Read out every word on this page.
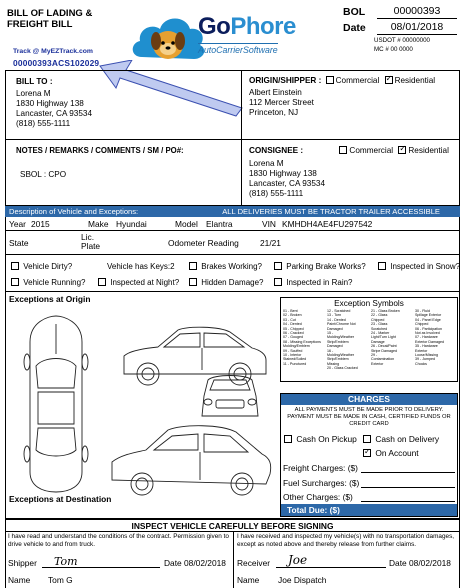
BILL OF LADING &
FREIGHT BILL
Track @ MyEZTrack.com
00000393ACS102029
GoPhore
AutoCarrierSoftware
BOL	00000393
Date	08/01/2018
USDOT # 00000000
MC # 00 0000
BILL TO :
Lorena M
1830 Highway 138
Lancaster, CA 93534
(818) 555-1111
ORIGIN/SHIPPER : Commercial ✓ Residential
Albert Einstein
112 Mercer Street
Princeton, NJ
NOTES / REMARKS / COMMENTS / SM / PO#:
SBOL : CPO
CONSIGNEE :	Commercial ✓ Residential
Lorena M
1830 Highway 138
Lancaster, CA 93534
(818) 555-1111
Description of Vehicle and Exceptions:	ALL DELIVERIES MUST BE TRACTOR TRAILER ACCESSIBLE
Year 2015	Make Hyundai	Model Elantra	VIN KMHDH4AE4FU297542
State
Lic.
Plate	Odometer Reading	21/21
Vehicle Dirty?	Vehicle has Keys:2	Brakes Working?	Parking Brake Works?	Inspected in Snow?
Vehicle Running?	Inspected at Night?	Hidden Damage?	Inspected in Rain?
Exceptions at Origin
Exceptions at Destination
Exception Symbols
01 - Bent
02 - Broken
03 - Cut
04 - Dented
05 - Chipped
06 - Cracked
07 - Gouged
08 - Missing Exceptions
Molding/Emblem
09 - Scuffed
10 - Interior
Stained/Soiled
11 - Punctured
12 - Scratched
13 - Torn
14 - Dented
Paint/Chrome Not
Damaged
15 -
Molding/Weather
Strip/Emblem
Damaged
16 -
Molding/Weather
Strip/Emblem
Missing
20 - Glass Cracked
21 - Glass Broken
22 - Glass
Chipped
23 - Glass
Scratched
24 - Marker
Light/Turn Light
Damage
26 - Decal/Paint
Stripe Damaged
29 -
Contamination
Exterior
30 - Fluid
Spillage Exterior
04 - Panel Edge
Chipped
06 - Participation
Not as Involved
07 - Hardware
Exterior Damaged
35 - Hardware
Exterior
Loose/Missing
39 - Jumped
Chocks
CHARGES
ALL PAYMENTS MUST BE MADE PRIOR TO DELIVERY. PAYMENT MUST BE MADE IN CASH, CERTIFIED FUNDS OR CREDIT CARD
Cash On Pickup	Cash on Delivery
✓ On Account
Freight Charges: ($)
Fuel Surcharges: ($)
Other Charges: ($)
Total Due: ($)
INSPECT VEHICLE CAREFULLY BEFORE SIGNING
I have read and understand the conditions of the contract. Permission given to drive vehicle to and from truck.
I have received and inspected my vehicle(s) with no transportation damages, except as noted above and thereby release from further claims.
Shipper Tom	Date 08/02/2018
Name Tom G
Receiver Joe	Date 08/02/2018
Name Joe Dispatch
